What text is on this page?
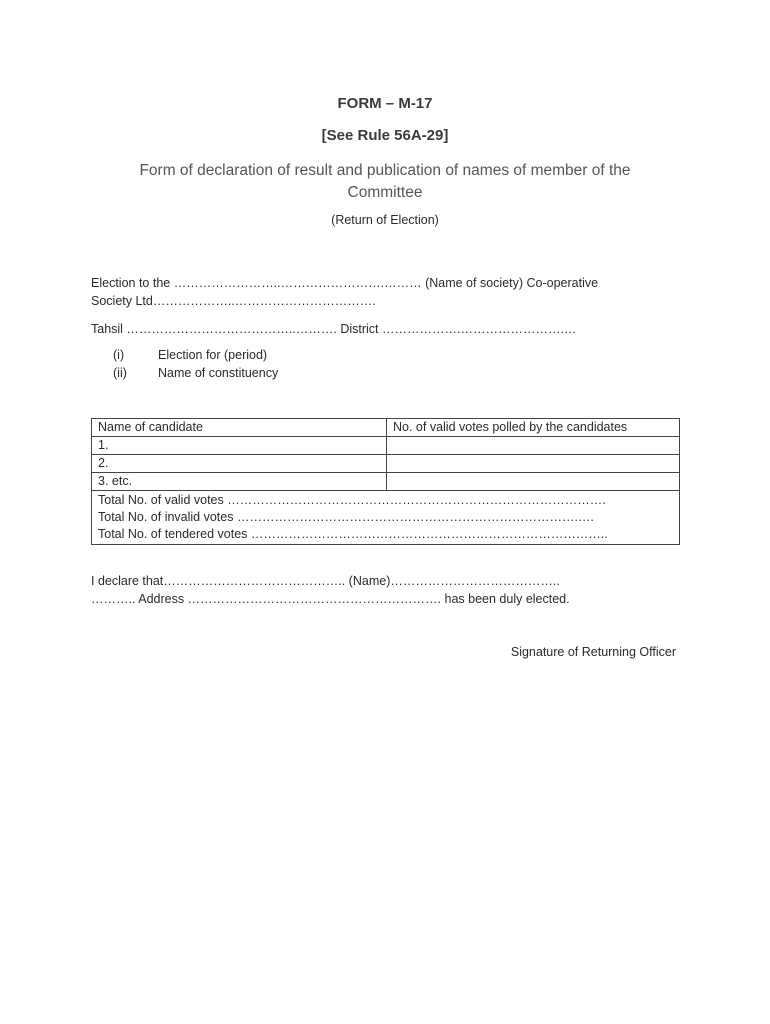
FORM – M-17
[See Rule 56A-29]
Form of declaration of result and publication of names of member of the Committee
(Return of Election)
Election to the ……………………..…………………….……… (Name of society) Co-operative Society Ltd………………..…………………………….
Tahsil …………………………………..………. District ……………….…………………….…
(i)	Election for (period)
(ii) Name of constituency
Name of candidate	No. of valid votes polled by the candidates
1.	
2.	
3. etc.	

Total No. of valid votes ……………………………………………………………………………….
Total No. of invalid votes ……………………………………………………………………….….
Total No. of tendered votes …………………………………………………………………………..	
I declare that…………………………………….. (Name)…………………………………..
……….. Address ……………………………………………………. has been duly elected.
Signature of Returning Officer
